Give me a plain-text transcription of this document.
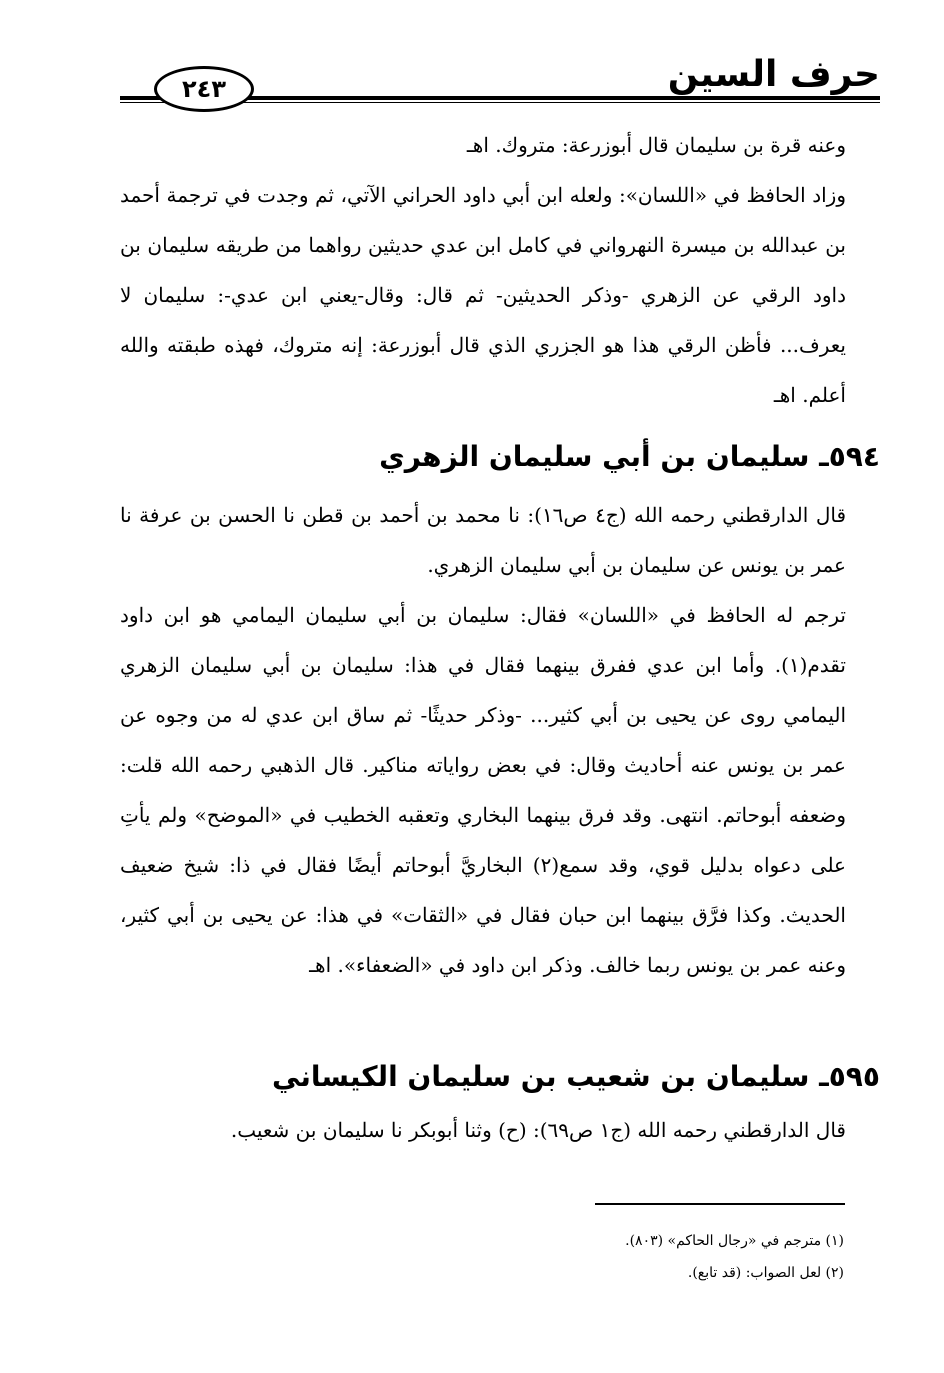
٢٤٣	حرف السين

وعنه قرة بن سليمان قال أبوزرعة: متروك. اهـ

وزاد الحافظ في «اللسان»: ولعله ابن أبي داود الحراني الآتي، ثم وجدت في ترجمة أحمد بن عبدالله بن ميسرة النهرواني في كامل ابن عدي حديثين رواهما من طريقه سليمان بن داود الرقي عن الزهري -وذكر الحديثين- ثم قال: وقال-يعني ابن عدي-: سليمان لا يعرف... فأظن الرقي هذا هو الجزري الذي قال أبوزرعة: إنه متروك، فهذه طبقته والله أعلم. اهـ

٥٩٤ـ سليمان بن أبي سليمان الزهري

قال الدارقطني رحمه الله (ج٤ ص١٦): نا محمد بن أحمد بن قطن نا الحسن بن عرفة نا عمر بن يونس عن سليمان بن أبي سليمان الزهري.

ترجم له الحافظ في «اللسان» فقال: سليمان بن أبي سليمان اليمامي هو ابن داود تقدم(١). وأما ابن عدي ففرق بينهما فقال في هذا: سليمان بن أبي سليمان الزهري اليمامي روى عن يحيى بن أبي كثير... -وذكر حديثًا- ثم ساق ابن عدي له من وجوه عن عمر بن يونس عنه أحاديث وقال: في بعض رواياته مناكير. قال الذهبي رحمه الله قلت: وضعفه أبوحاتم. انتهى. وقد فرق بينهما البخاري وتعقبه الخطيب في «الموضح» ولم يأتِ على دعواه بدليل قوي، وقد سمع(٢) البخاريَّ أبوحاتم أيضًا فقال في ذا: شيخ ضعيف الحديث. وكذا فرَّق بينهما ابن حبان فقال في «الثقات» في هذا: عن يحيى بن أبي كثير، وعنه عمر بن يونس ربما خالف. وذكر ابن داود في «الضعفاء». اهـ

٥٩٥ـ سليمان بن شعيب بن سليمان الكيساني

قال الدارقطني رحمه الله (ج١ ص٦٩): (ح) وثنا أبوبكر نا سليمان بن شعيب.

(١) مترجم في «رجال الحاكم» (٨٠٣).
(٢) لعل الصواب: (قد تابع).
